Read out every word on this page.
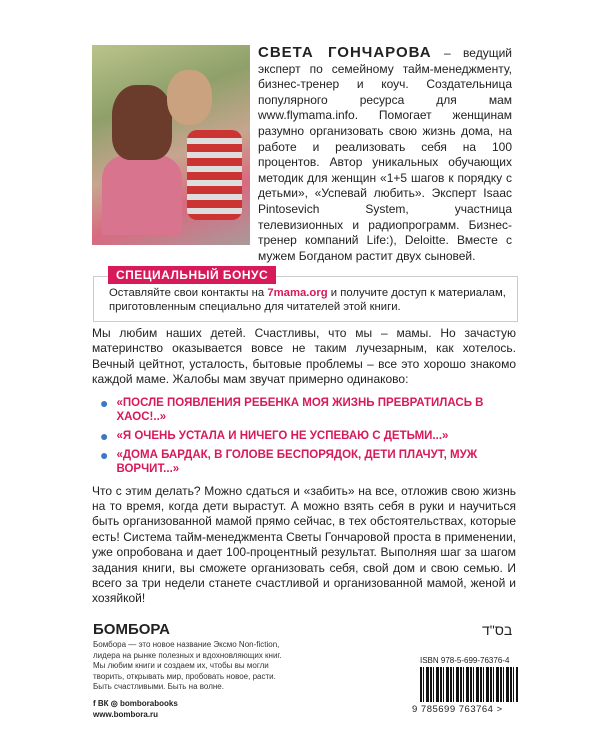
СВЕТА ГОНЧАРОВА – ведущий эксперт по семейному тайм-менеджменту, бизнес-тренер и коуч. Создательница популярного ресурса для мам www.flymama.info. Помогает женщинам разумно организовать свою жизнь дома, на работе и реализовать себя на 100 процентов. Автор уникальных обучающих методик для женщин «1+5 шагов к порядку с детьми», «Успевай любить». Эксперт Isaac Pintosevich System, участница телевизионных и радиопрограмм. Бизнес-тренер компаний Life:), Deloitte. Вместе с мужем Богданом растит двух сыновей.
СПЕЦИАЛЬНЫЙ БОНУС
Оставляйте свои контакты на 7mama.org и получите доступ к материалам, приготовленным специально для читателей этой книги.

Мы любим наших детей. Счастливы, что мы – мамы. Но зачастую материнство оказывается вовсе не таким лучезарным, как хотелось. Вечный цейтнот, усталость, бытовые проблемы – все это хорошо знакомо каждой маме. Жалобы мам звучат примерно одинаково:

● «ПОСЛЕ ПОЯВЛЕНИЯ РЕБЕНКА МОЯ ЖИЗНЬ ПРЕВРАТИЛАСЬ В ХАОС!..»
● «Я ОЧЕНЬ УСТАЛА И НИЧЕГО НЕ УСПЕВАЮ С ДЕТЬМИ...»
● «ДОМА БАРДАК, В ГОЛОВЕ БЕСПОРЯДОК, ДЕТИ ПЛАЧУТ, МУЖ ВОРЧИТ...»

Что с этим делать? Можно сдаться и «забить» на все, отложив свою жизнь на то время, когда дети вырастут. А можно взять себя в руки и научиться быть организованной мамой прямо сейчас, в тех обстоятельствах, которые есть! Система тайм-менеджмента Светы Гончаровой проста в применении, уже опробована и дает 100-процентный результат. Выполняя шаг за шагом задания книги, вы сможете организовать себя, свой дом и свою семью. И всего за три недели станете счастливой и организованной мамой, женой и хозяйкой!

БОМБОРА	בס"ד
Бомбора — это новое название Эксмо Non-fiction,
лидера на рынке полезных и вдохновляющих книг.
Мы любим книги и создаем их, чтобы вы могли
творить, открывать мир, пробовать новое, расти.
Быть счастливыми. Быть на волне.
f ВК ◎ bomborabooks
www.bombora.ru
ISBN 978-5-699-76376-4
9 785699 763764 >
